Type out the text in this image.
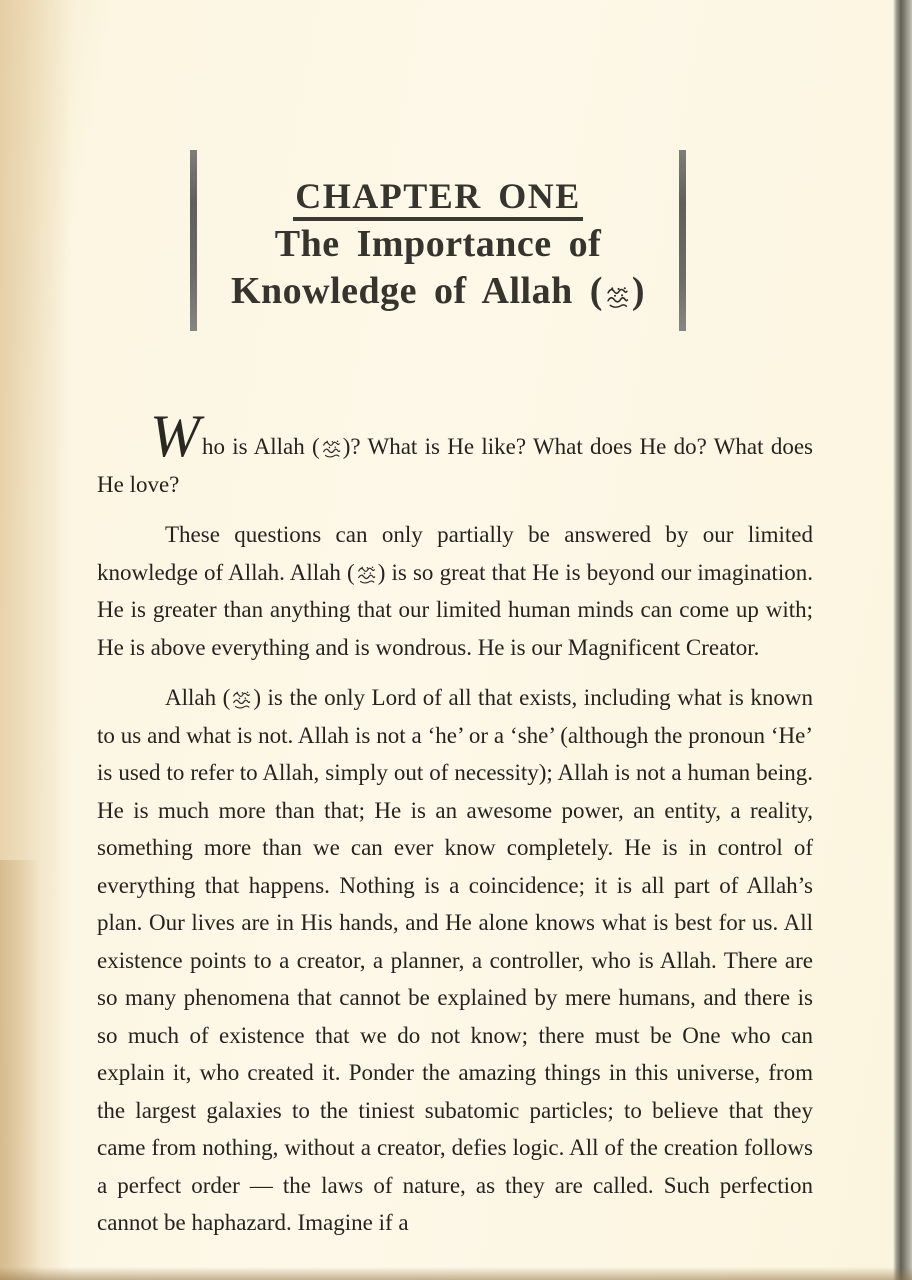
CHAPTER ONE
The Importance of
Knowledge of Allah ( )

Who is Allah ( )? What is He like? What does He do? What does He love?

These questions can only partially be answered by our limited knowledge of Allah. Allah ( ) is so great that He is beyond our imagination. He is greater than anything that our limited human minds can come up with; He is above everything and is wondrous. He is our Magnificent Creator.

Allah ( ) is the only Lord of all that exists, including what is known to us and what is not. Allah is not a ‘he’ or a ‘she’ (although the pronoun ‘He’ is used to refer to Allah, simply out of necessity); Allah is not a human being. He is much more than that; He is an awesome power, an entity, a reality, something more than we can ever know completely. He is in control of everything that happens. Nothing is a coincidence; it is all part of Allah’s plan. Our lives are in His hands, and He alone knows what is best for us. All existence points to a creator, a planner, a controller, who is Allah. There are so many phenomena that cannot be explained by mere humans, and there is so much of existence that we do not know; there must be One who can explain it, who created it. Ponder the amazing things in this universe, from the largest galaxies to the tiniest subatomic particles; to believe that they came from nothing, without a creator, defies logic. All of the creation follows a perfect order — the laws of nature, as they are called. Such perfection cannot be haphazard. Imagine if a
